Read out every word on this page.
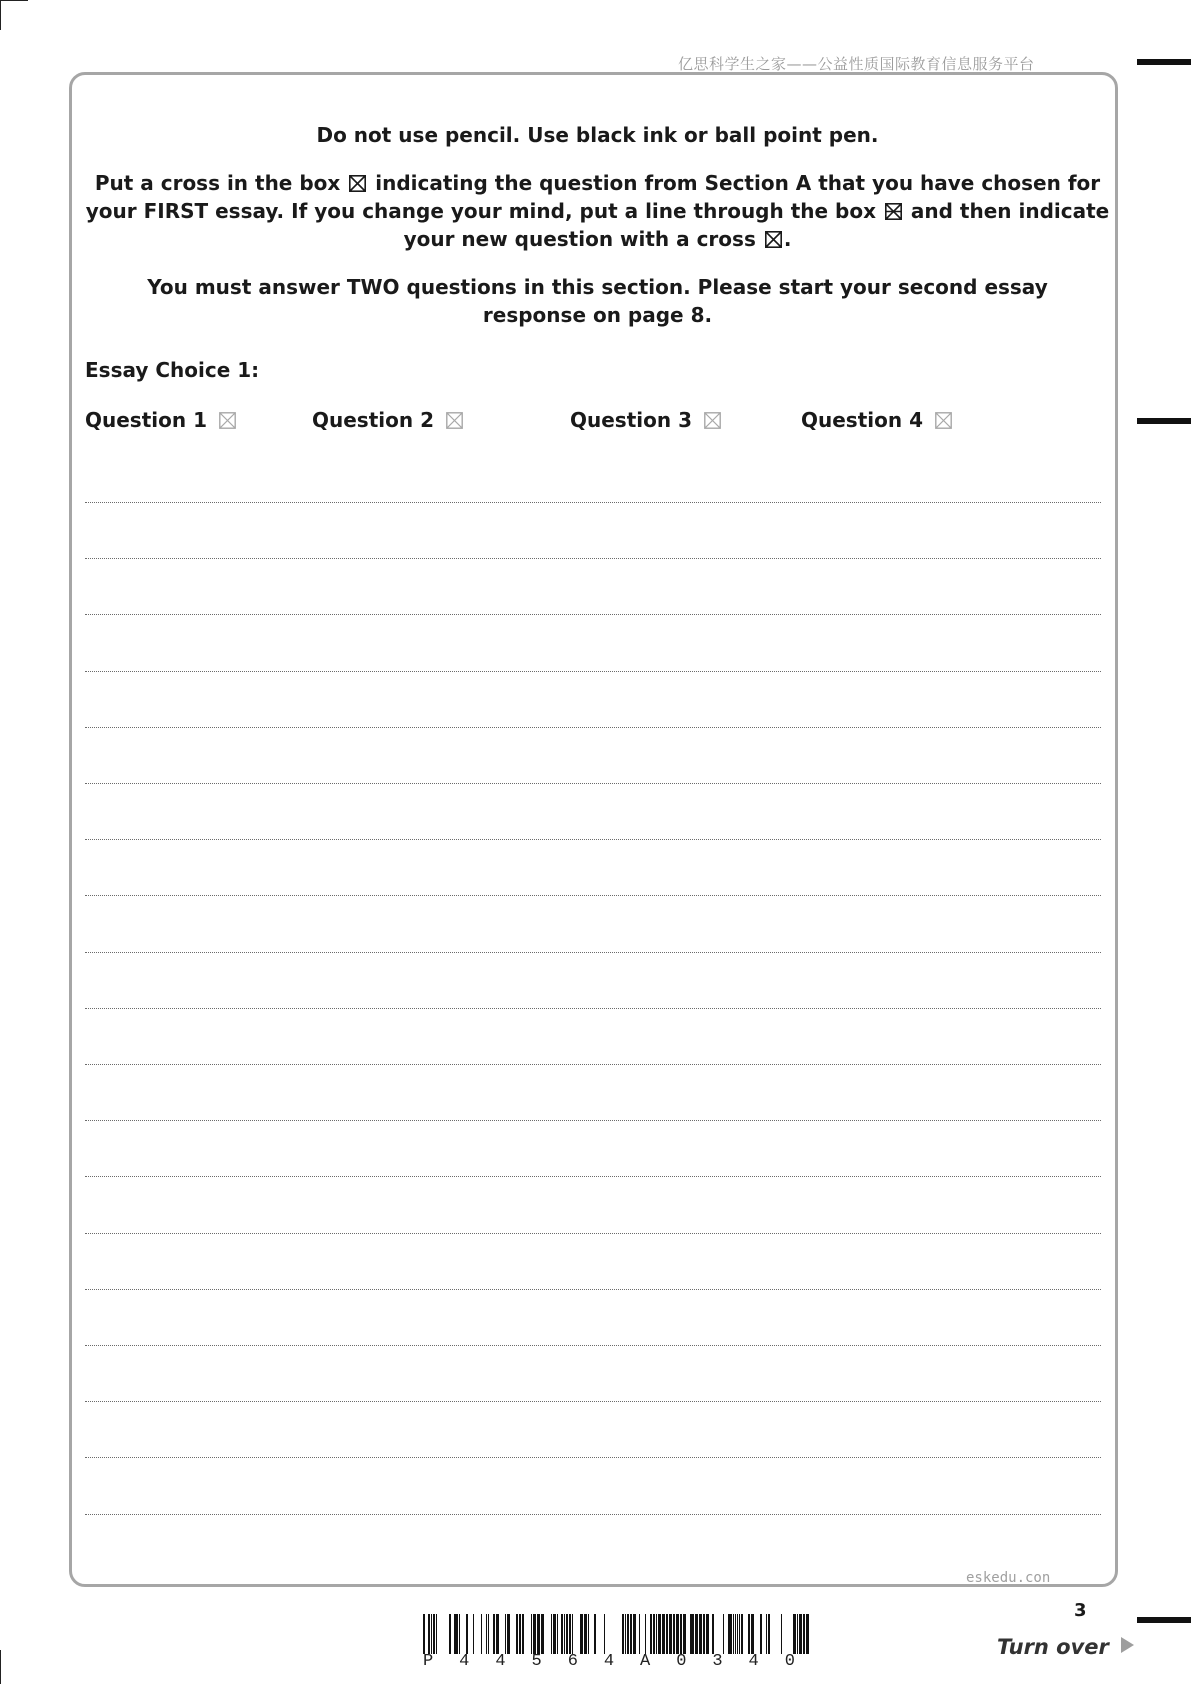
亿思科学生之家——公益性质国际教育信息服务平台
Do not use pencil. Use black ink or ball point pen.
Put a cross in the box ☒ indicating the question from Section A that you have chosen for your FIRST essay. If you change your mind, put a line through the box and then indicate your new question with a cross .
You must answer TWO questions in this section. Please start your second essay response on page 8.
Essay Choice 1:
Question 1	Question 2	Question 3	Question 4
eskedu.con
3
P 4 4 5 6 4 A 0 3 4 0
Turn over
